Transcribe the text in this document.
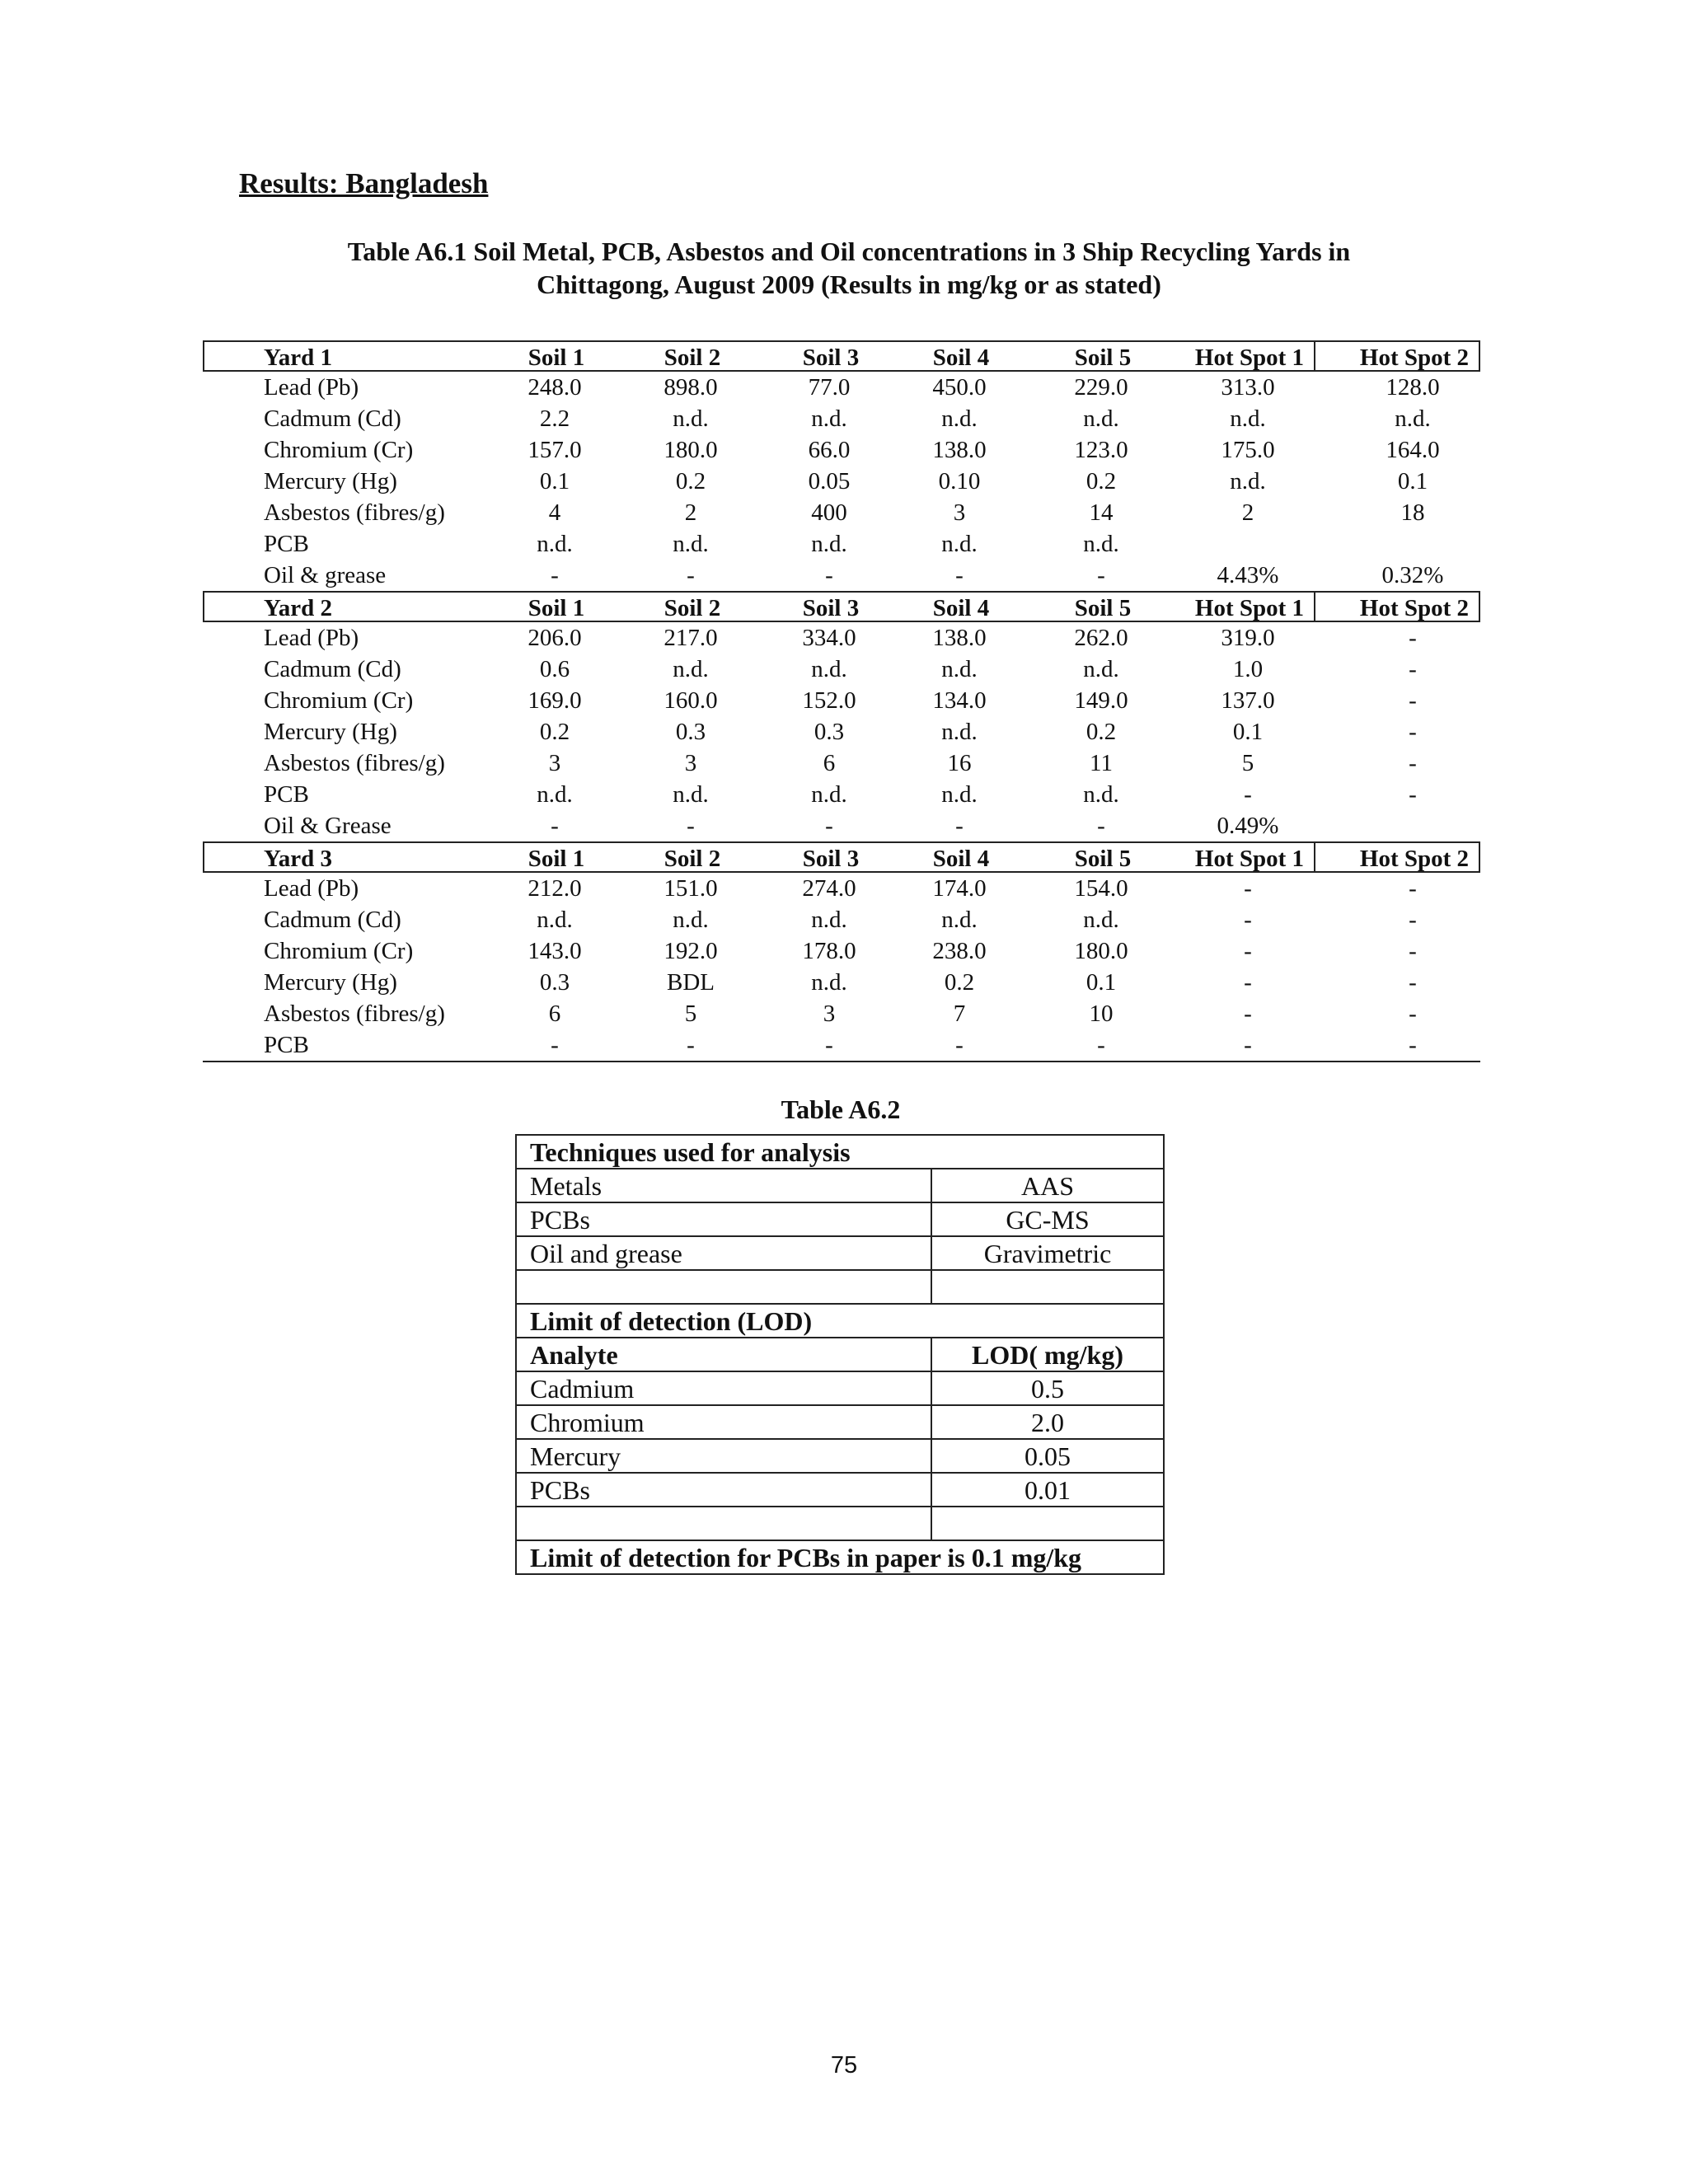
Results: Bangladesh
Table A6.1 Soil Metal, PCB, Asbestos and Oil concentrations in 3 Ship Recycling Yards in
Chittagong, August 2009 (Results in mg/kg or as stated)
Yard 1	Soil 1	Soil 2	Soil 3	Soil 4	Soil 5	Hot Spot 1	Hot Spot 2
Lead (Pb)	248.0	898.0	77.0	450.0	229.0	313.0	128.0
Cadmum (Cd)	2.2	n.d.	n.d.	n.d.	n.d.	n.d.	n.d.
Chromium (Cr)	157.0	180.0	66.0	138.0	123.0	175.0	164.0
Mercury (Hg)	0.1	0.2	0.05	0.10	0.2	n.d.	0.1
Asbestos (fibres/g)	4	2	400	3	14	2	18
PCB	n.d.	n.d.	n.d.	n.d.	n.d.
Oil & grease	-	-	-	-	-	4.43%	0.32%
Yard 2	Soil 1	Soil 2	Soil 3	Soil 4	Soil 5	Hot Spot 1	Hot Spot 2
Lead (Pb)	206.0	217.0	334.0	138.0	262.0	319.0	-
Cadmum (Cd)	0.6	n.d.	n.d.	n.d.	n.d.	1.0	-
Chromium (Cr)	169.0	160.0	152.0	134.0	149.0	137.0	-
Mercury (Hg)	0.2	0.3	0.3	n.d.	0.2	0.1	-
Asbestos (fibres/g)	3	3	6	16	11	5	-
PCB	n.d.	n.d.	n.d.	n.d.	n.d.	-	-
Oil & Grease	-	-	-	-	-	0.49%
Yard 3	Soil 1	Soil 2	Soil 3	Soil 4	Soil 5	Hot Spot 1	Hot Spot 2
Lead (Pb)	212.0	151.0	274.0	174.0	154.0	-	-
Cadmum (Cd)	n.d.	n.d.	n.d.	n.d.	n.d.	-	-
Chromium (Cr)	143.0	192.0	178.0	238.0	180.0	-	-
Mercury (Hg)	0.3	BDL	n.d.	0.2	0.1	-	-
Asbestos (fibres/g)	6	5	3	7	10	-	-
PCB	-	-	-	-	-	-	-
Table A6.2
Techniques used for analysis	
Metals	AAS
PCBs	GC-MS
Oil and grease	Gravimetric

Limit of detection (LOD)	
Analyte	LOD( mg/kg)
Cadmium	0.5
Chromium	2.0
Mercury	0.05
PCBs	0.01

Limit of detection for PCBs in paper is 0.1 mg/kg	
75
